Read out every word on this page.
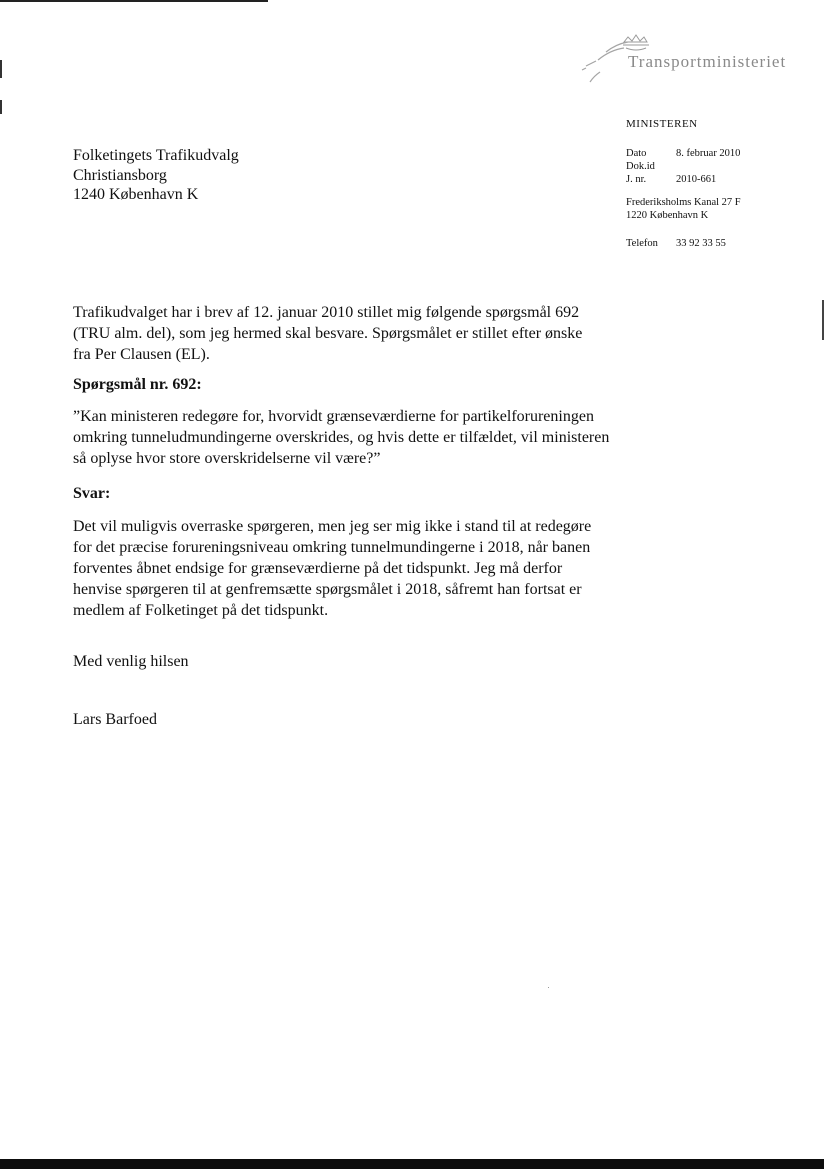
Transportministeriet
MINISTEREN
Dato	8. februar 2010
Dok.id	
J. nr.	2010-661
Frederiksholms Kanal 27 F
1220 København K
Telefon 33 92 33 55
Folketingets Trafikudvalg
Christiansborg
1240 København K

Trafikudvalget har i brev af 12. januar 2010 stillet mig følgende spørgsmål 692 (TRU alm. del), som jeg hermed skal besvare. Spørgsmålet er stillet efter ønske fra Per Clausen (EL).

Spørgsmål nr. 692:

”Kan ministeren redegøre for, hvorvidt grænseværdierne for partikelforureningen omkring tunneludmundingerne overskrides, og hvis dette er tilfældet, vil ministeren så oplyse hvor store overskridelserne vil være?”

Svar:

Det vil muligvis overraske spørgeren, men jeg ser mig ikke i stand til at redegøre for det præcise forureningsniveau omkring tunnelmundingerne i 2018, når banen forventes åbnet endsige for grænseværdierne på det tidspunkt. Jeg må derfor henvise spørgeren til at genfremsætte spørgsmålet i 2018, såfremt han fortsat er medlem af Folketinget på det tidspunkt.

Med venlig hilsen
Lars Barfoed
